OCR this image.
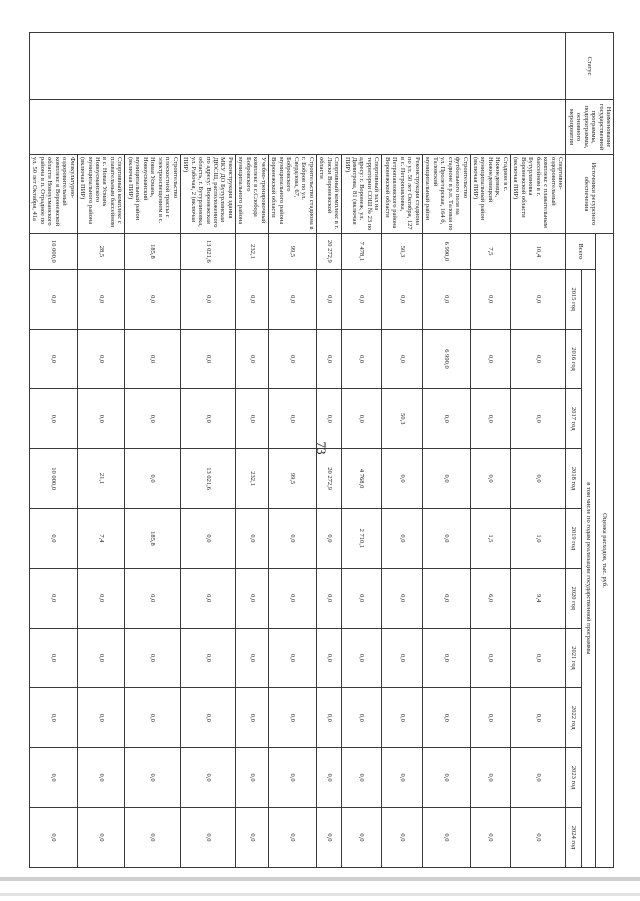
73
Статус	Наименование государственной программы, подпрограммы, основного мероприятия	Источники ресурсного обеспечения	Оценка расходов, тыс. руб.										
			Всего	в том числе по годам реализации государственной программы									
				2015 год	2016 год	2017 год	2018 год	2019 год	2020 год	2021 год	2022 год	2023 год	2024 год
		Спортивно-оздоровительный комплекс с плавательным бассейном в г. Бутурлиновка Воронежской области (включая ПИР)	10,4	0,0	0,0	0,0	0,0	1,0	9,4	0,0	0,0	0,0	0,0
		Стадион в с. Нижнедевицк, Нижнедевицкий муниципальный район (включая ПИР)	7,5	0,0	0,0	0,0	0,0	1,5	6,0	0,0	0,0	0,0	0,0
		Строительство футбольного поля на стадионе в р.п. Таловая по ул. Пролетарская, 164 б, Таловский муниципальный район	6 990,0	0,0	6 990,0	0,0	0,0	0,0	0,0	0,0	0,0	0,0	0,0
		Реконструкция стадиона по ул. 50 лет Октября, 127 в с. Петропавловка, Петропавловского района Воронежской области	50,3	0,0	0,0	50,3	0,0	0,0	0,0	0,0	0,0	0,0	0,0
		Спортивный зал на территории СОШ № 23 по адресу: г. Воронеж, ул. Димитрова, 81 (включая ПИР)	7 478,1	0,0	0,0	0,0	4 768,0	2 710,1	0,0	0,0	0,0	0,0	0,0
		Спортивный комплекс в г. Лиски Воронежской области	20 272,9	0,0	0,0	0,0	20 272,9	0,0	0,0	0,0	0,0	0,0	0,0
		Строительство стадиона в г. Бобров по ул. Свердлова, 67, Бобровского муниципального района Воронежской области	99,5	0,0	0,0	0,0	99,5	0,0	0,0	0,0	0,0	0,0	0,0
		Учебно-тренировочный комплекс в с.Слобода Бобровского муниципального района	232,1	0,0	0,0	0,0	232,1	0,0	0,0	0,0	0,0	0,0	0,0
		Реконструкция здания МКУ ДО Бутурлинская ДЮСШ, расположенного по адресу: Воронежская область, г. Бутурлиновка, ул. Рабочая, 2 (включая ПИР)	13 021,6	0,0	0,0	0,0	13 021,6	0,0	0,0	0,0	0,0	0,0	0,0
		Строительство плоскостной трассы с электроосвещением в с. Новая Усмань, Новоусманский муниципальный район (включая ПИР)	185,8	0,0	0,0	0,0	0,0	185,8	0,0	0,0	0,0	0,0	0,0
		Спортивный комплекс с плавательным бассейном в с. Новая Усмань Новоусманского муниципального района (включая ПИР)	28,5	0,0	0,0	0,0	21,1	7,4	0,0	0,0	0,0	0,0	0,0
		Физкультурно-оздоровительный комплекс в Воронежской области Новоусманского района в п. Отрадное по ул. 50 лет Октября, 41а	10 000,0	0,0	0,0	0,0	10 000,0	0,0	0,0	0,0	0,0	0,0	0,0
